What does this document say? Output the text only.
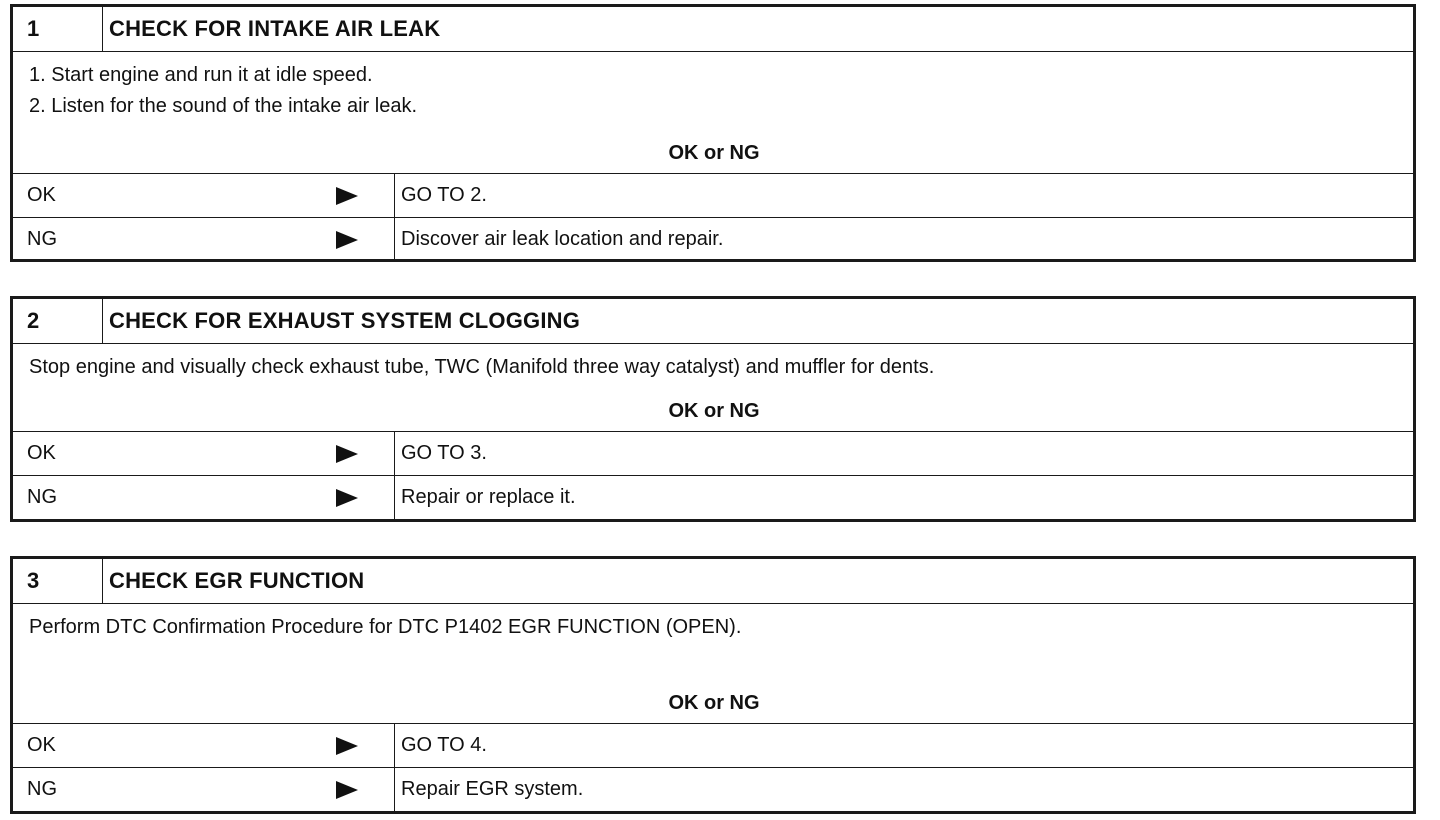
1	CHECK FOR INTAKE AIR LEAK
1. Start engine and run it at idle speed.
2. Listen for the sound of the intake air leak.
OK or NG
OK	GO TO 2.
NG	Discover air leak location and repair.
2	CHECK FOR EXHAUST SYSTEM CLOGGING
Stop engine and visually check exhaust tube, TWC (Manifold three way catalyst) and muffler for dents.
OK or NG
OK	GO TO 3.
NG	Repair or replace it.
3	CHECK EGR FUNCTION
Perform DTC Confirmation Procedure for DTC P1402 EGR FUNCTION (OPEN).
OK or NG
OK	GO TO 4.
NG	Repair EGR system.
